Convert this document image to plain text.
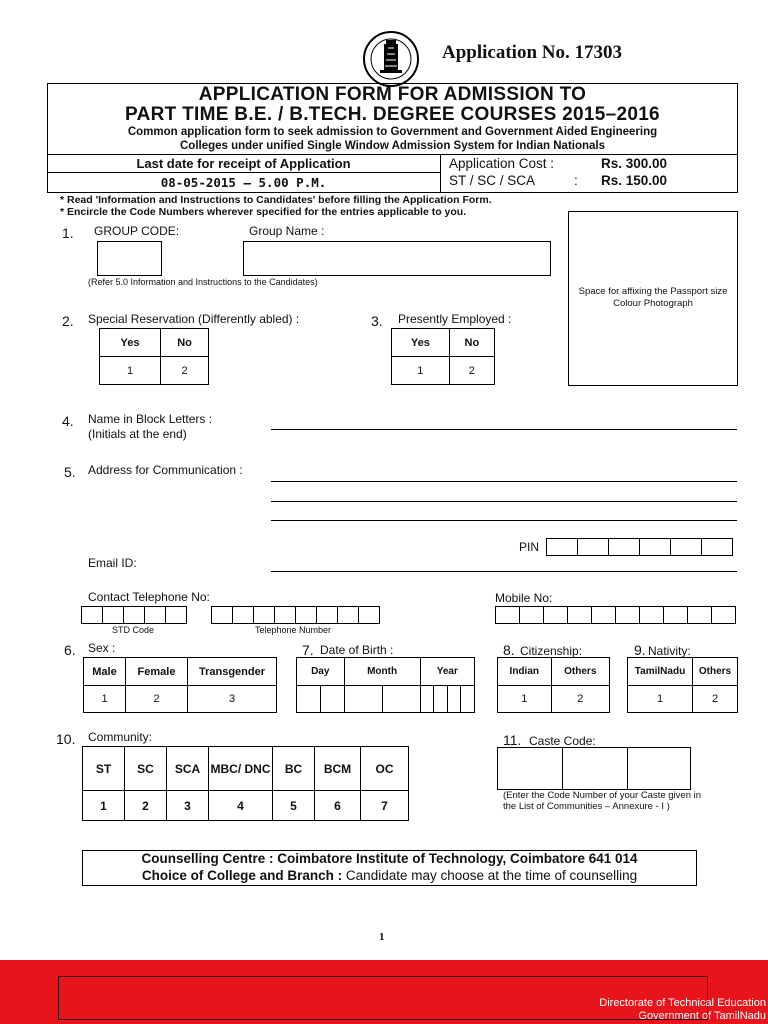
Application No. 17303
APPLICATION FORM FOR ADMISSION TO
PART TIME B.E. / B.TECH. DEGREE COURSES 2015–2016
Common application form to seek admission to Government and Government Aided Engineering
Colleges under unified Single Window Admission System for Indian Nationals
Last date for receipt of Application
08-05-2015 — 5.00 P.M.
Application Cost :	Rs. 300.00
ST / SC / SCA	: Rs. 150.00
* Read 'Information and Instructions to Candidates' before filling the Application Form.
* Encircle the Code Numbers wherever specified for the entries applicable to you.
Space for affixing the Passport size Colour Photograph
1. GROUP CODE:	Group Name :
(Refer 5.0 Information and Instructions to the Candidates)
2. Special Reservation (Differently abled) :
Yes	No
1	2
3. Presently Employed :
Yes	No
1	2
4. Name in Block Letters :
(Initials at the end)
5. Address for Communication :
PIN
Email ID:
Contact Telephone No:
STD Code	Telephone Number
Mobile No:
6. Sex :
Male	Female	Transgender
1	2	3
7. Date of Birth :
Day		Month		Year			

8. Citizenship:
Indian	Others
1	2
9. Nativity:
TamilNadu	Others
1	2
10. Community:
ST	SC	SCA	MBC/ DNC	BC	BCM	OC
1	2	3	4	5	6	7
11. Caste Code:
(Enter the Code Number of your Caste given in
the List of Communities – Annexure - I )
Counselling Centre : Coimbatore Institute of Technology, Coimbatore 641 014
Choice of College and Branch : Candidate may choose at the time of counselling
1
Directorate of Technical Education
Government of TamilNadu
